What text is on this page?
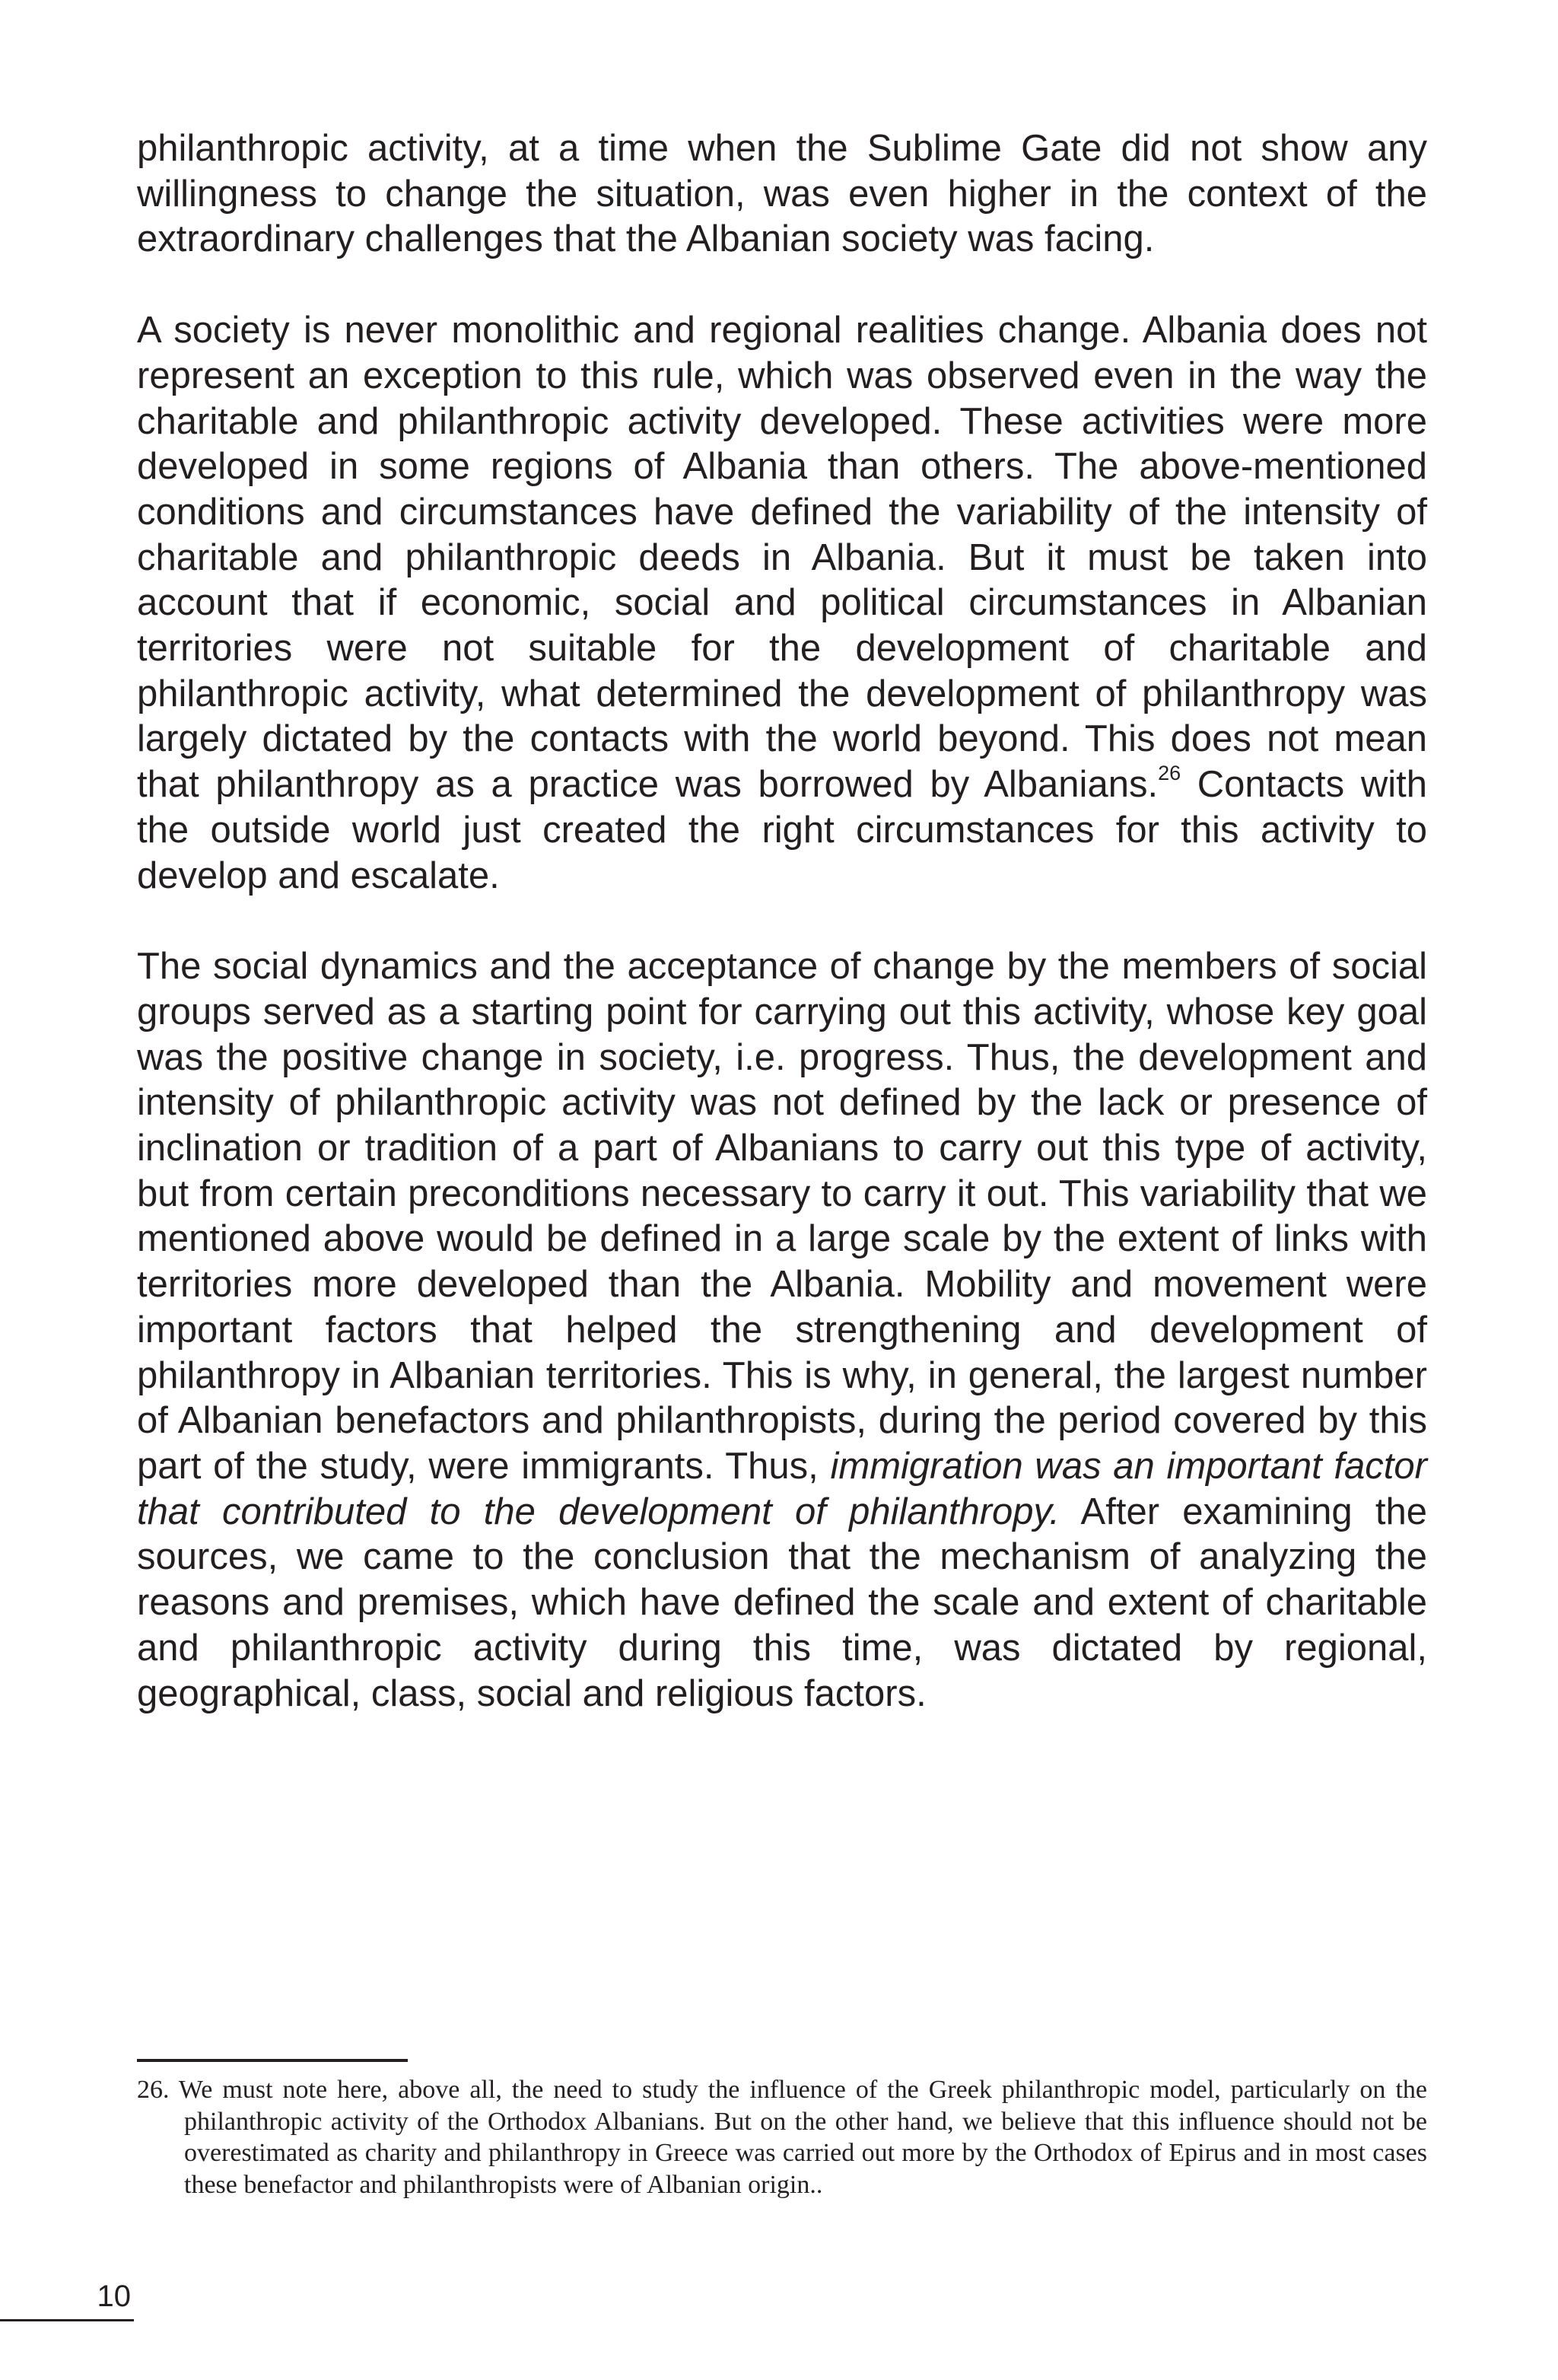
philanthropic activity, at a time when the Sublime Gate did not show any willingness to change the situation, was even higher in the context of the extraordinary challenges that the Albanian society was facing.

A society is never monolithic and regional realities change. Albania does not represent an exception to this rule, which was observed even in the way the charitable and philanthropic activity developed. These activities were more developed in some regions of Albania than others. The above-mentioned conditions and circumstances have defined the variability of the intensity of charitable and philanthropic deeds in Albania. But it must be taken into account that if economic, social and political circumstances in Albanian territories were not suitable for the development of charitable and philanthropic activity, what determined the development of philanthropy was largely dictated by the contacts with the world beyond. This does not mean that philanthropy as a practice was borrowed by Albanians.$^{26}$ Contacts with the outside world just created the right circumstances for this activity to develop and escalate.

The social dynamics and the acceptance of change by the members of social groups served as a starting point for carrying out this activity, whose key goal was the positive change in society, i.e. progress. Thus, the development and intensity of philanthropic activity was not defined by the lack or presence of inclination or tradition of a part of Albanians to carry out this type of activity, but from certain preconditions necessary to carry it out. This variability that we mentioned above would be defined in a large scale by the extent of links with territories more developed than the Albania. Mobility and movement were important factors that helped the strengthening and development of philanthropy in Albanian territories. This is why, in general, the largest number of Albanian benefactors and philanthropists, during the period covered by this part of the study, were immigrants. Thus, immigration was an important factor that contributed to the development of philanthropy. After examining the sources, we came to the conclusion that the mechanism of analyzing the reasons and premises, which have defined the scale and extent of charitable and philanthropic activity during this time, was dictated by regional, geographical, class, social and religious factors.

26. We must note here, above all, the need to study the influence of the Greek philanthropic model, particularly on the philanthropic activity of the Orthodox Albanians. But on the other hand, we believe that this influence should not be overestimated as charity and philanthropy in Greece was carried out more by the Orthodox of Epirus and in most cases these benefactor and philanthropists were of Albanian origin..
10
